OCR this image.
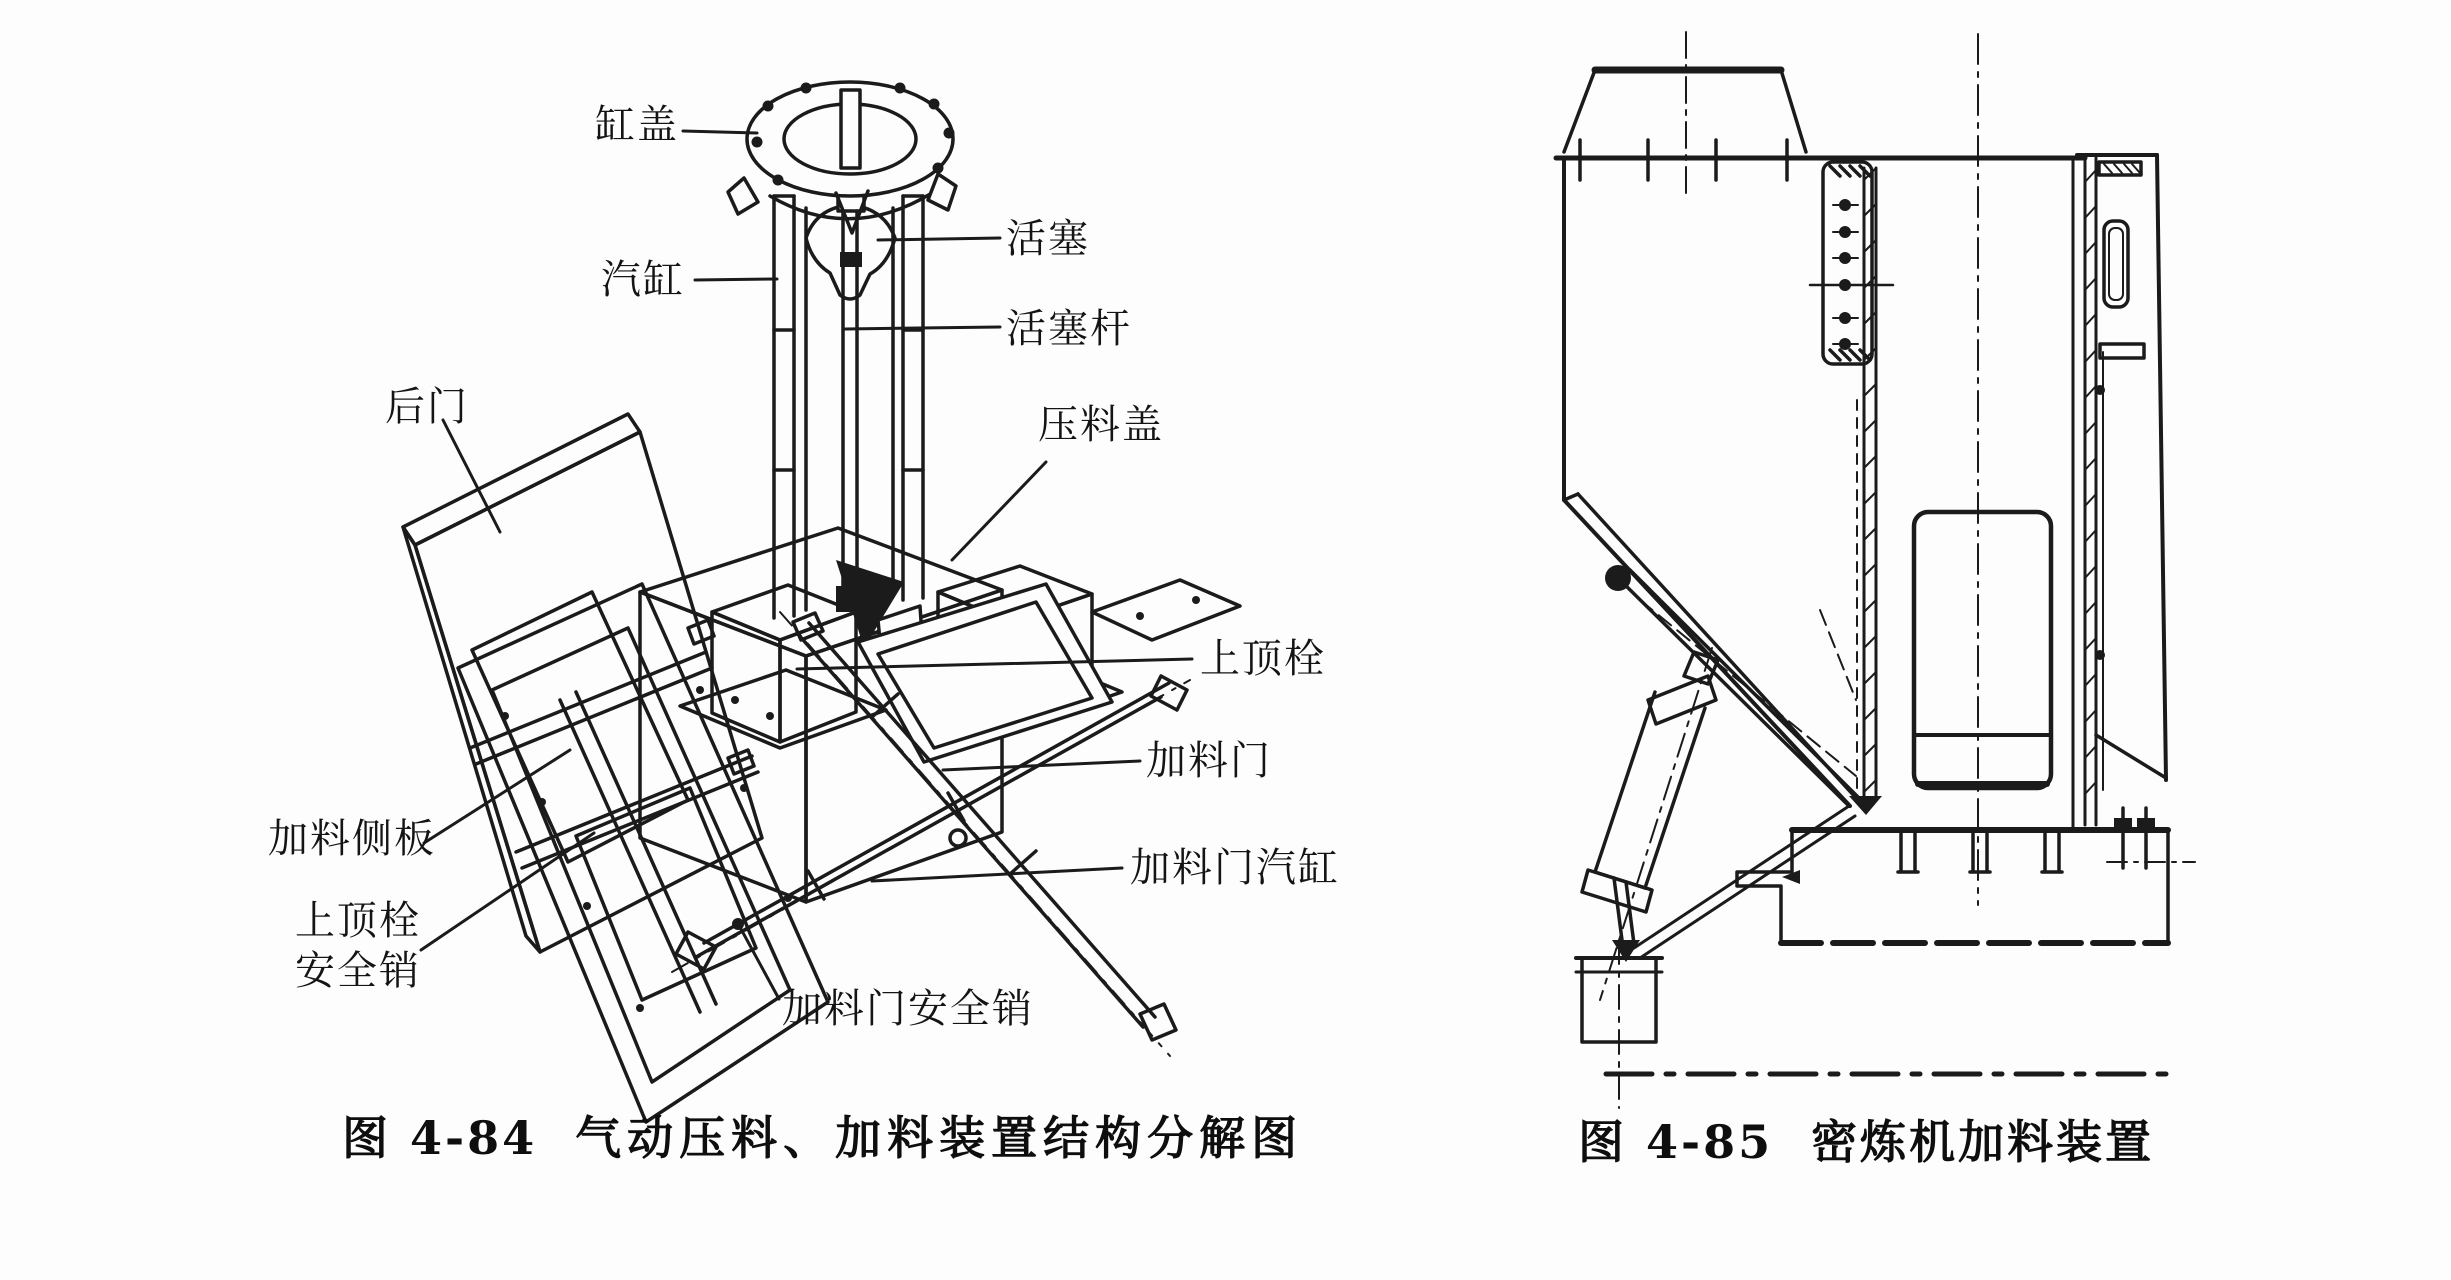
缸盖
活塞
汽缸
活塞杆
压料盖
后门
上顶栓
加料门
加料门汽缸
加料侧板
上顶栓
安全销
加料门安全销
图 4-84 气动压料、加料装置结构分解图	图 4-85 密炼机加料装置
